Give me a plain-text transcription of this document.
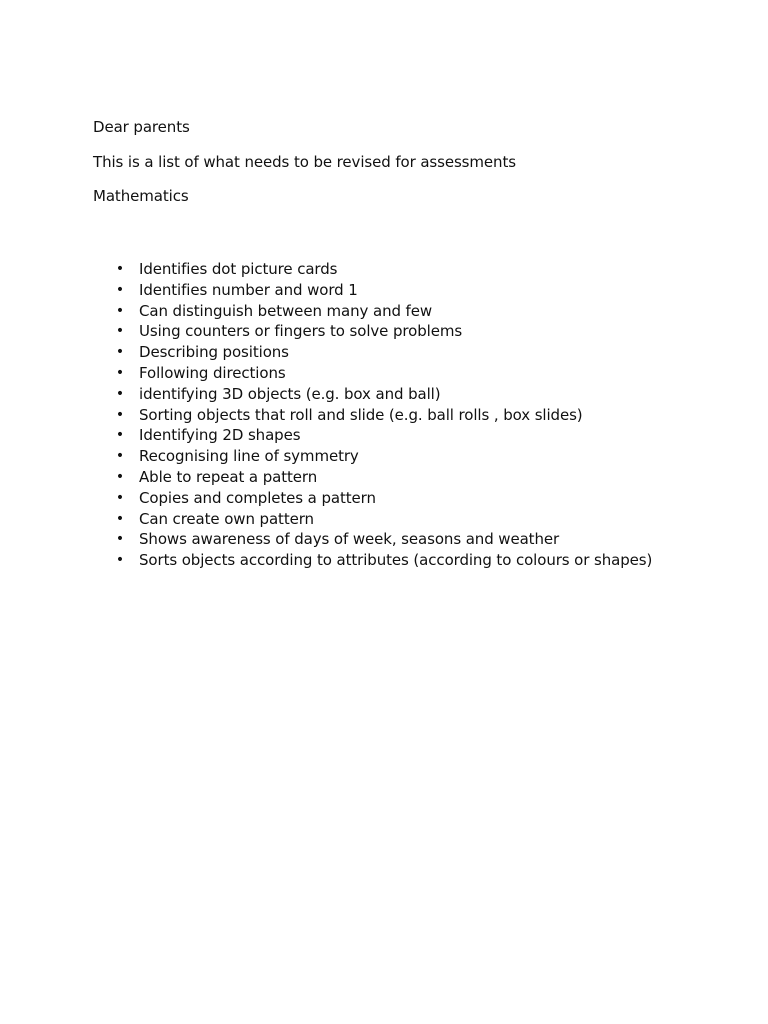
Dear parents
This is a list of what needs to be revised for assessments
Mathematics
• Identifies dot picture cards
• Identifies number and word 1
• Can distinguish between many and few
• Using counters or fingers to solve problems
• Describing positions
• Following directions
• identifying 3D objects (e.g. box and ball)
• Sorting objects that roll and slide (e.g. ball rolls , box slides)
• Identifying 2D shapes
• Recognising line of symmetry
• Able to repeat a pattern
• Copies and completes a pattern
• Can create own pattern
• Shows awareness of days of week, seasons and weather
• Sorts objects according to attributes (according to colours or shapes)
